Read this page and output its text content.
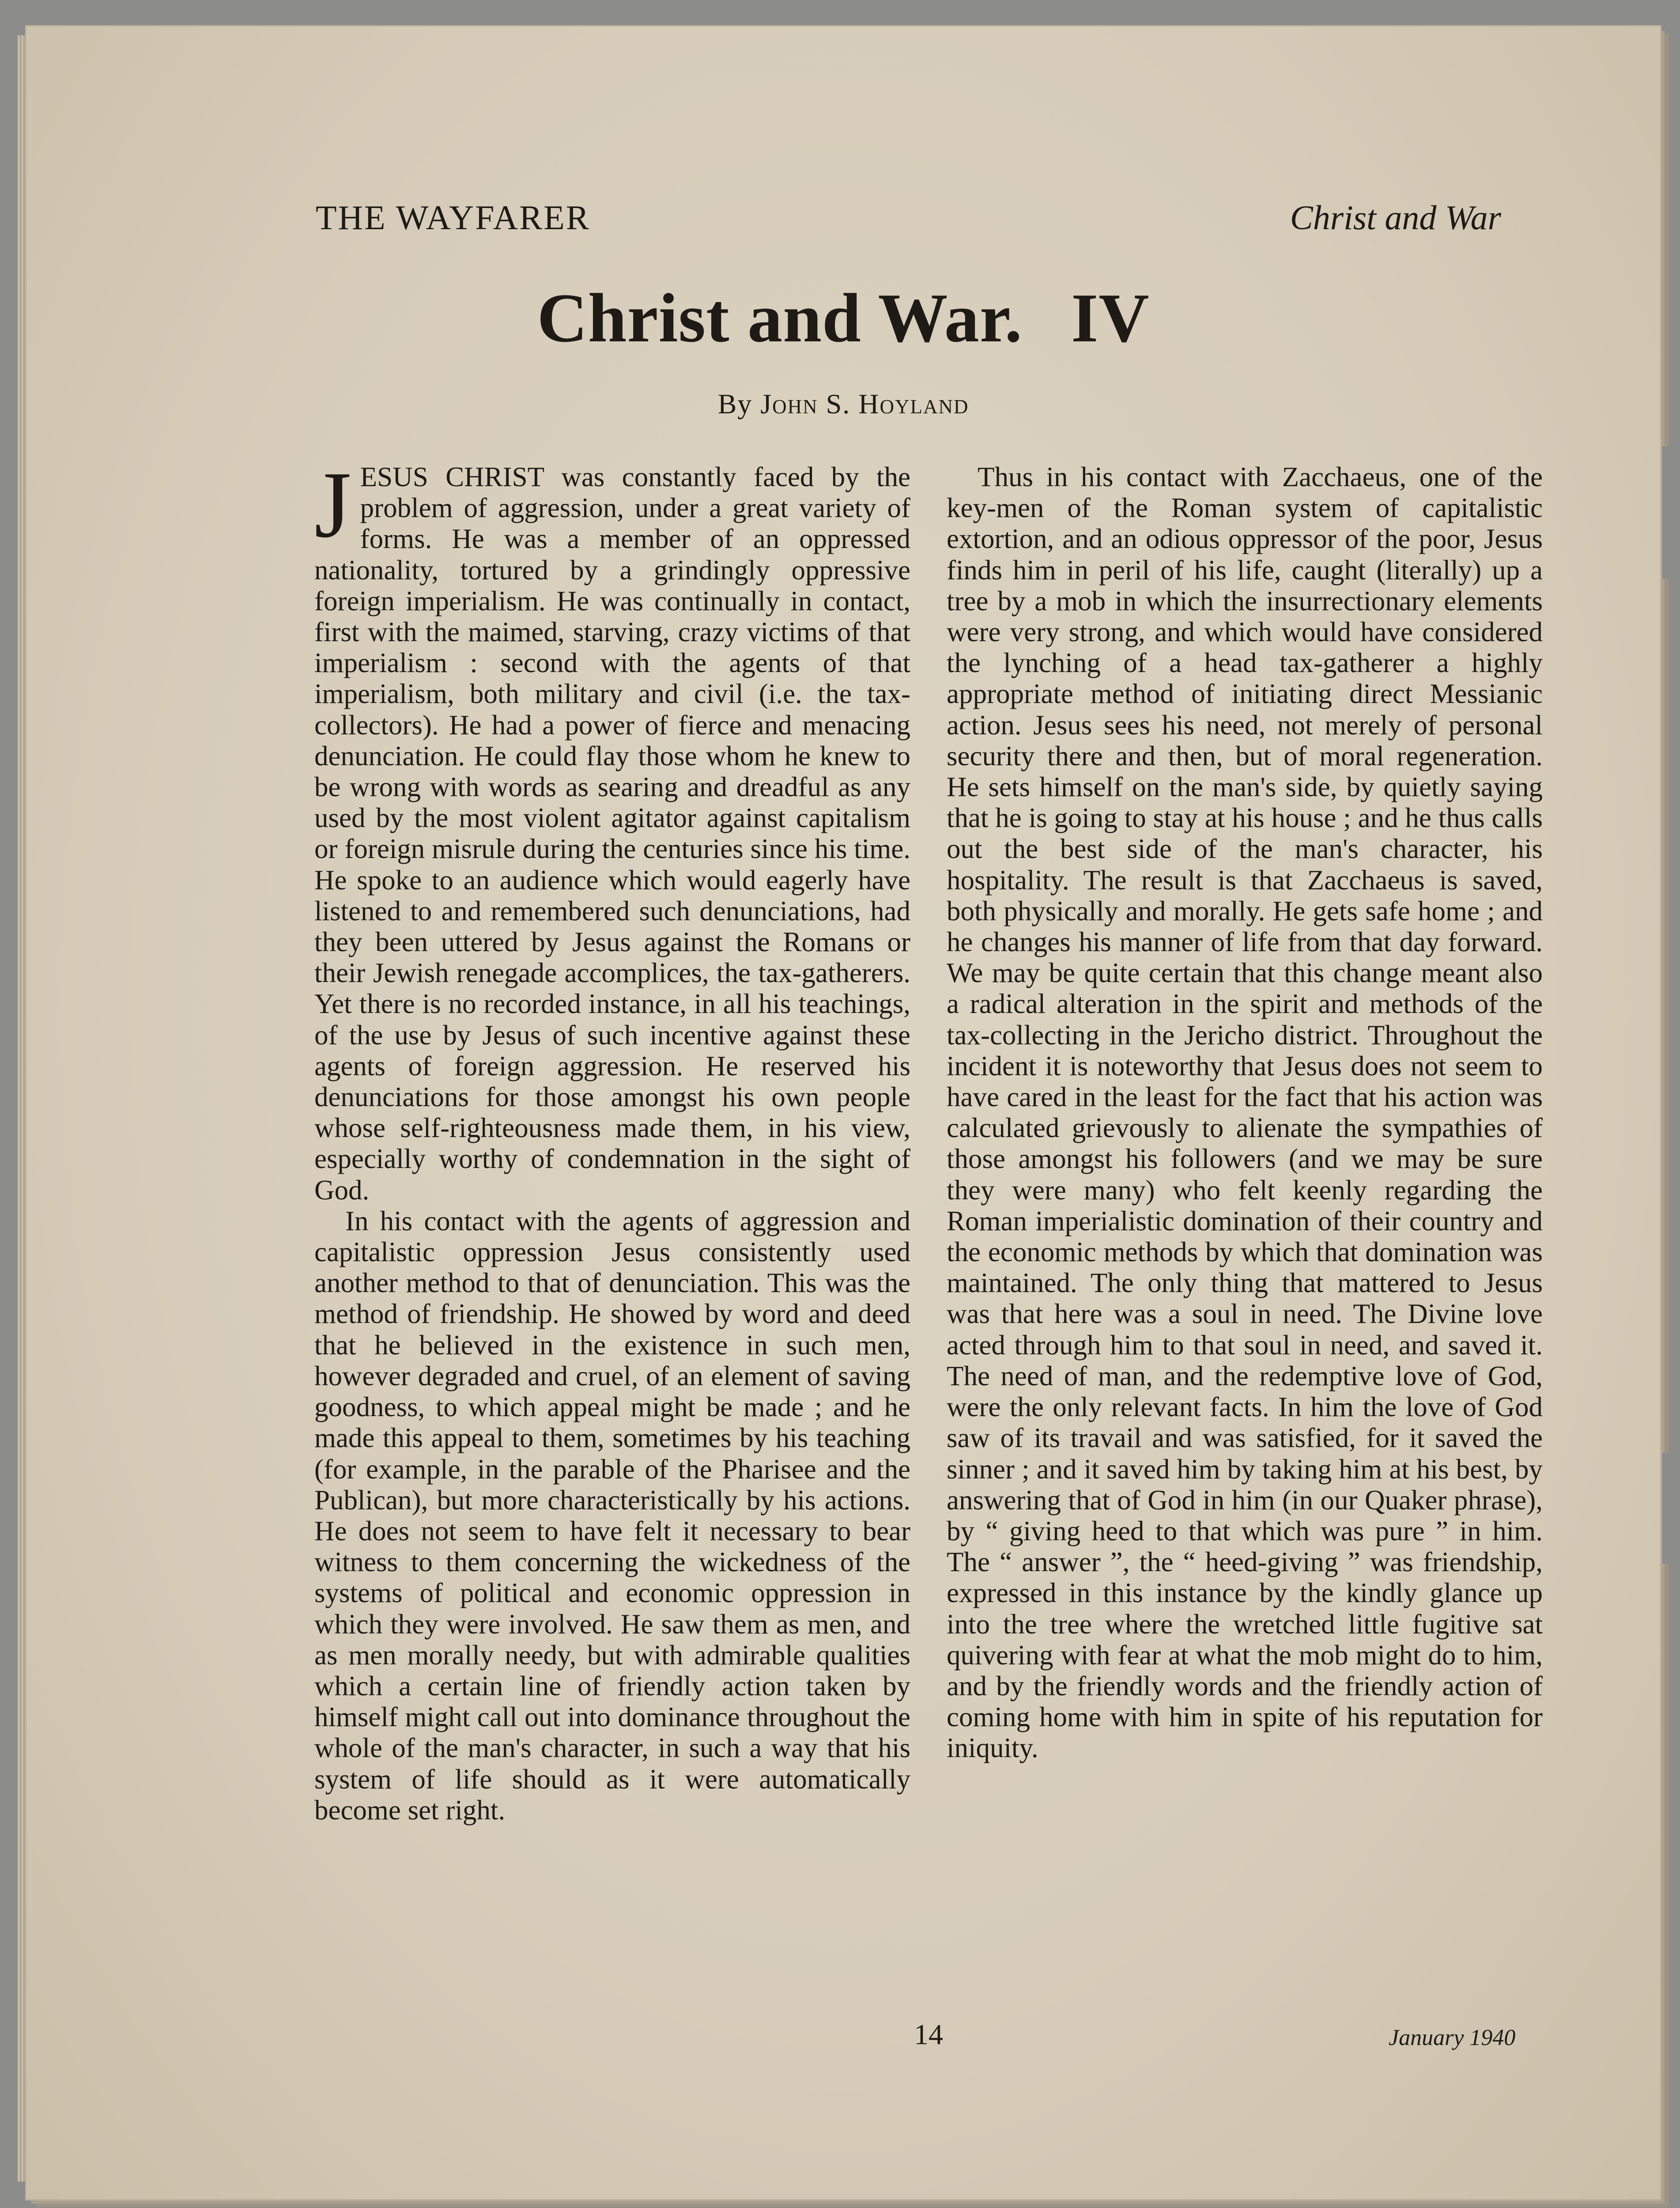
THE WAYFARER	Christ and War
Christ and War. IV
By John S. Hoyland

JESUS CHRIST was constantly faced by the problem of aggression, under a great variety of forms. He was a member of an oppressed nationality, tortured by a grindingly oppressive foreign imperialism. He was continually in contact, first with the maimed, starving, crazy victims of that imperialism : second with the agents of that imperialism, both military and civil (i.e. the tax-collectors). He had a power of fierce and menacing denunciation. He could flay those whom he knew to be wrong with words as searing and dreadful as any used by the most violent agitator against capitalism or foreign misrule during the centuries since his time. He spoke to an audience which would eagerly have listened to and remembered such denunciations, had they been uttered by Jesus against the Romans or their Jewish renegade accomplices, the tax-gatherers. Yet there is no recorded instance, in all his teachings, of the use by Jesus of such incentive against these agents of foreign aggression. He reserved his denunciations for those amongst his own people whose self-righteousness made them, in his view, especially worthy of condemnation in the sight of God.

In his contact with the agents of aggression and capitalistic oppression Jesus consistently used another method to that of denunciation. This was the method of friendship. He showed by word and deed that he believed in the existence in such men, however degraded and cruel, of an element of saving goodness, to which appeal might be made ; and he made this appeal to them, sometimes by his teaching (for example, in the parable of the Pharisee and the Publican), but more characteristically by his actions. He does not seem to have felt it necessary to bear witness to them concerning the wickedness of the systems of political and economic oppression in which they were involved. He saw them as men, and as men morally needy, but with admirable qualities which a certain line of friendly action taken by himself might call out into dominance throughout the whole of the man's character, in such a way that his system of life should as it were automatically become set right.

Thus in his contact with Zacchaeus, one of the key-men of the Roman system of capitalistic extortion, and an odious oppressor of the poor, Jesus finds him in peril of his life, caught (literally) up a tree by a mob in which the insurrectionary elements were very strong, and which would have considered the lynching of a head tax-gatherer a highly appropriate method of initiating direct Messianic action. Jesus sees his need, not merely of personal security there and then, but of moral regeneration. He sets himself on the man's side, by quietly saying that he is going to stay at his house ; and he thus calls out the best side of the man's character, his hospitality. The result is that Zacchaeus is saved, both physically and morally. He gets safe home ; and he changes his manner of life from that day forward. We may be quite certain that this change meant also a radical alteration in the spirit and methods of the tax-collecting in the Jericho district. Throughout the incident it is noteworthy that Jesus does not seem to have cared in the least for the fact that his action was calculated grievously to alienate the sympathies of those amongst his followers (and we may be sure they were many) who felt keenly regarding the Roman imperialistic domination of their country and the economic methods by which that domination was maintained. The only thing that mattered to Jesus was that here was a soul in need. The Divine love acted through him to that soul in need, and saved it. The need of man, and the redemptive love of God, were the only relevant facts. In him the love of God saw of its travail and was satisfied, for it saved the sinner ; and it saved him by taking him at his best, by answering that of God in him (in our Quaker phrase), by “ giving heed to that which was pure ” in him. The “ answer ”, the “ heed-giving ” was friendship, expressed in this instance by the kindly glance up into the tree where the wretched little fugitive sat quivering with fear at what the mob might do to him, and by the friendly words and the friendly action of coming home with him in spite of his reputation for iniquity.

14	January 1940
